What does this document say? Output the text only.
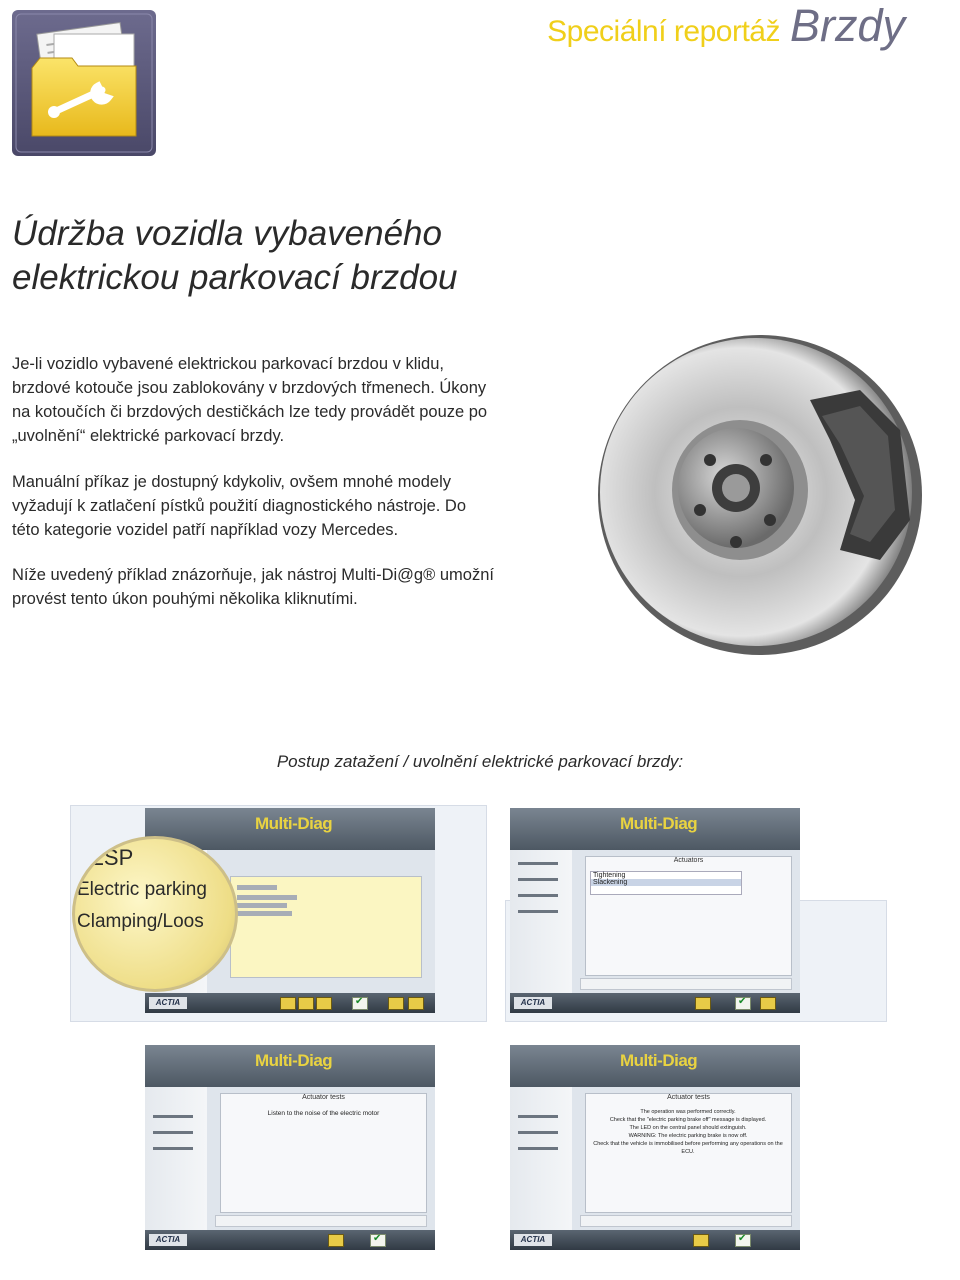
Speciální reportáž Brzdy
Údržba vozidla vybaveného
elektrickou parkovací brzdou
Je-li vozidlo vybavené elektrickou parkovací brzdou v klidu,
brzdové kotouče jsou zablokovány v brzdových třmenech. Úkony
na kotoučích či brzdových destičkách lze tedy provádět pouze po
„uvolnění“ elektrické parkovací brzdy.
Manuální příkaz je dostupný kdykoliv, ovšem mnohé modely
vyžadují k zatlačení pístků použití diagnostického nástroje. Do
této kategorie vozidel patří například vozy Mercedes.
Níže uvedený příklad znázorňuje, jak nástroj Multi-Di@g® umožní
provést tento úkon pouhými několika kliknutími.
Postup zatažení / uvolnění elektrické parkovací brzdy:
Multi-Diag
ACTIA
✔
/ ESP
Electric parking
Clamping/Loos
Multi-Diag
Actuators
Tightening
Slackening
ACTIA
✔
Multi-Diag
Actuator tests
Listen to the noise of the electric motor
ACTIA
✔
Multi-Diag
Actuator tests
The operation was performed correctly.
Check that the "electric parking brake off" message is displayed.
The LED on the central panel should extinguish.
WARNING: The electric parking brake is now off.
Check that the vehicle is immobilised before performing any operations on the ECU.
ACTIA
✔
